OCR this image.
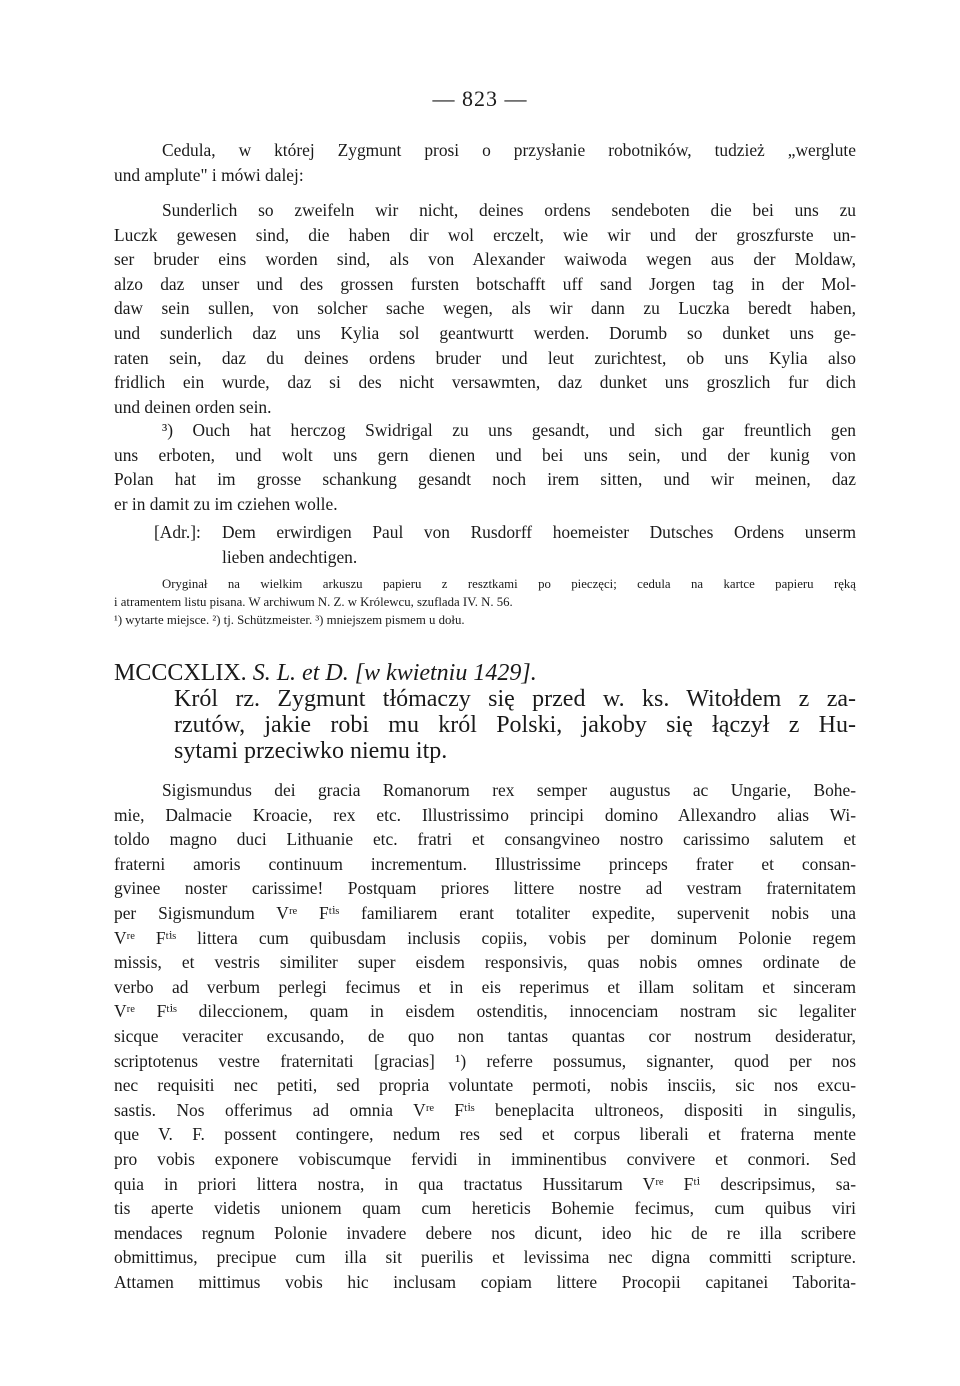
— 823 —
Cedula, w której Zygmunt prosi o przysłanie robotników, tudzież „werglute
und amplute" i mówi dalej:
Sunderlich so zweifeln wir nicht, deines ordens sendeboten die bei uns zu
Luczk gewesen sind, die haben dir wol erczelt, wie wir und der groszfurste un-
ser bruder eins worden sind, als von Alexander waiwoda wegen aus der Moldaw,
alzo daz unser und des grossen fursten botschafft uff sand Jorgen tag in der Mol-
daw sein sullen, von solcher sache wegen, als wir dann zu Luczka beredt haben,
und sunderlich daz uns Kylia sol geantwurtt werden. Dorumb so dunket uns ge-
raten sein, daz du deines ordens bruder und leut zurichtest, ob uns Kylia also
fridlich ein wurde, daz si des nicht versawmten, daz dunket uns groszlich fur dich
und deinen orden sein.
³) Ouch hat herczog Swidrigal zu uns gesandt, und sich gar freuntlich gen
uns erboten, und wolt uns gern dienen und bei uns sein, und der kunig von
Polan hat im grosse schankung gesandt noch irem sitten, und wir meinen, daz
er in damit zu im cziehen wolle.
[Adr.]:	Dem erwirdigen Paul von Rusdorff hoemeister Dutsches Ordens unserm
lieben andechtigen.
Oryginał na wielkim arkuszu papieru z resztkami po pieczęci; cedula na kartce papieru ręką
i atramentem listu pisana. W archiwum N. Z. w Królewcu, szuflada IV. N. 56.
¹) wytarte miejsce. ²) tj. Schützmeister. ³) mniejszem pismem u dołu.
MCCCXLIX. S. L. et D. [w kwietniu 1429].
Król rz. Zygmunt tłómaczy się przed w. ks. Witołdem z za-
rzutów, jakie robi mu król Polski, jakoby się łączył z Hu-
sytami przeciwko niemu itp.
Sigismundus dei gracia Romanorum rex semper augustus ac Ungarie, Bohe-
mie, Dalmacie Kroacie, rex etc. Illustrissimo principi domino Allexandro alias Wi-
toldo magno duci Lithuanie etc. fratri et consangvineo nostro carissimo salutem et
fraterni amoris continuum incrementum. Illustrissime princeps frater et consan-
gvinee noster carissime! Postquam priores littere nostre ad vestram fraternitatem
per Sigismundum Vʳᵉ Fᵗⁱˢ familiarem erant totaliter expedite, supervenit nobis una
Vʳᵉ Fᵗⁱˢ littera cum quibusdam inclusis copiis, vobis per dominum Polonie regem
missis, et vestris similiter super eisdem responsivis, quas nobis omnes ordinate de
verbo ad verbum perlegi fecimus et in eis reperimus et illam solitam et sinceram
Vʳᵉ Fᵗⁱˢ dileccionem, quam in eisdem ostenditis, innocenciam nostram sic legaliter
sicque veraciter excusando, de quo non tantas quantas cor nostrum desideratur,
scriptotenus vestre fraternitati [gracias] ¹) referre possumus, signanter, quod per nos
nec requisiti nec petiti, sed propria voluntate permoti, nobis insciis, sic nos excu-
sastis. Nos offerimus ad omnia Vʳᵉ Fᵗⁱˢ beneplacita ultroneos, dispositi in singulis,
que V. F. possent contingere, nedum res sed et corpus liberali et fraterna mente
pro vobis exponere vobiscumque fervidi in imminentibus convivere et conmori. Sed
quia in priori littera nostra, in qua tractatus Hussitarum Vʳᵉ Fᵗⁱ descripsimus, sa-
tis aperte videtis unionem quam cum hereticis Bohemie fecimus, cum quibus viri
mendaces regnum Polonie invadere debere nos dicunt, ideo hic de re illa scribere
obmittimus, precipue cum illa sit puerilis et levissima nec digna committi scripture.
Attamen mittimus vobis hic inclusam copiam littere Procopii capitanei Taborita-
